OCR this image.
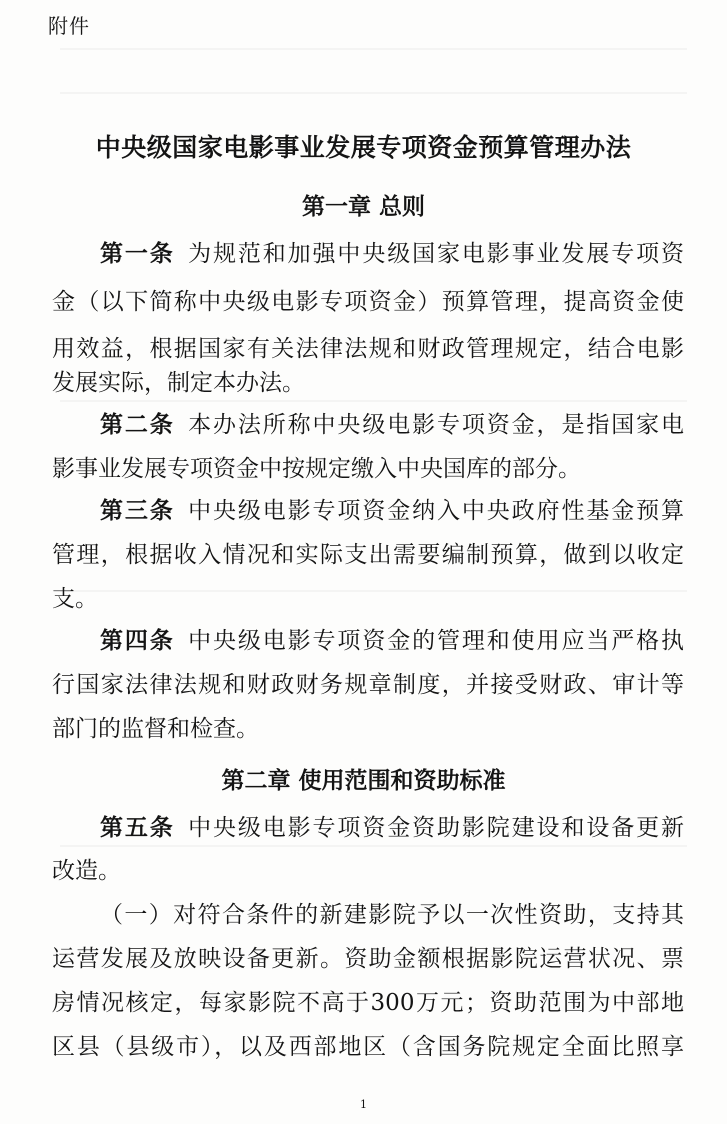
附件
中央级国家电影事业发展专项资金预算管理办法
第一章 总则
第一条  为规范和加强中央级国家电影事业发展专项资
金（以下简称中央级电影专项资金）预算管理，提高资金使
用效益，根据国家有关法律法规和财政管理规定，结合电影
发展实际，制定本办法。
第二条  本办法所称中央级电影专项资金，是指国家电
影事业发展专项资金中按规定缴入中央国库的部分。
第三条  中央级电影专项资金纳入中央政府性基金预算
管理，根据收入情况和实际支出需要编制预算，做到以收定
支。
第四条  中央级电影专项资金的管理和使用应当严格执
行国家法律法规和财政财务规章制度，并接受财政、审计等
部门的监督和检查。
第二章 使用范围和资助标准
第五条  中央级电影专项资金资助影院建设和设备更新
改造。
（一）对符合条件的新建影院予以一次性资助，支持其
运营发展及放映设备更新。资助金额根据影院运营状况、票
房情况核定，每家影院不高于300万元；资助范围为中部地
区县（县级市），以及西部地区（含国务院规定全面比照享
1
